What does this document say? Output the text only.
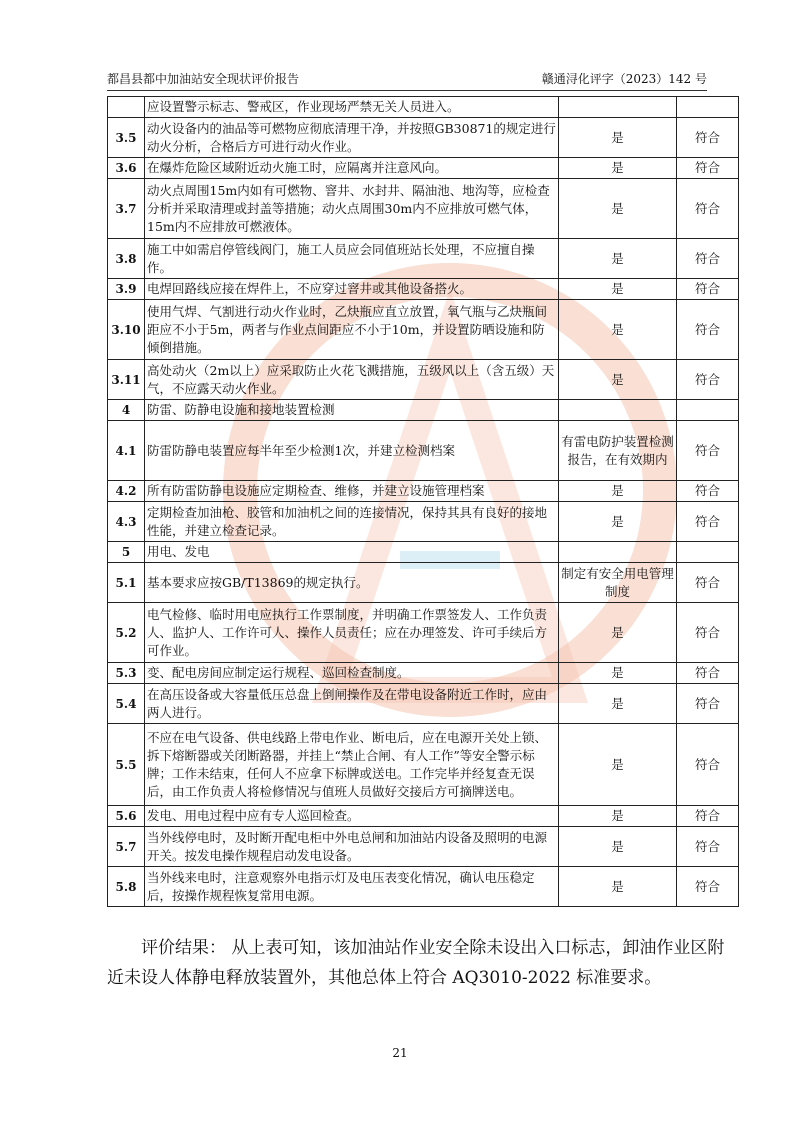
都昌县都中加油站安全现状评价报告	赣通浔化评字（2023）142 号
	应设置警示标志、警戒区，作业现场严禁无关人员进入。		
3.5	动火设备内的油品等可燃物应彻底清理干净，并按照GB30871的规定进行动火分析，合格后方可进行动火作业。	是	符合
3.6	在爆炸危险区域附近动火施工时，应隔离并注意风向。	是	符合
3.7	动火点周围15m内如有可燃物、窨井、水封井、隔油池、地沟等，应检查分析并采取清理或封盖等措施；动火点周围30m内不应排放可燃气体，15m内不应排放可燃液体。	是	符合
3.8	施工中如需启停管线阀门，施工人员应会同值班站长处理，不应擅自操作。	是	符合
3.9	电焊回路线应接在焊件上，不应穿过窨井或其他设备搭火。	是	符合
3.10	使用气焊、气割进行动火作业时，乙炔瓶应直立放置，氧气瓶与乙炔瓶间距应不小于5m，两者与作业点间距应不小于10m，并设置防晒设施和防倾倒措施。	是	符合
3.11	高处动火（2m以上）应采取防止火花飞溅措施，五级风以上（含五级）天气，不应露天动火作业。	是	符合
4	防雷、防静电设施和接地装置检测		
4.1	防雷防静电装置应每半年至少检测1次，并建立检测档案	有雷电防护装置检测报告，在有效期内	符合
4.2	所有防雷防静电设施应定期检查、维修，并建立设施管理档案	是	符合
4.3	定期检查加油枪、胶管和加油机之间的连接情况，保持其具有良好的接地性能，并建立检查记录。	是	符合
5	用电、发电		
5.1	基本要求应按GB/T13869的规定执行。	制定有安全用电管理制度	符合
5.2	电气检修、临时用电应执行工作票制度，并明确工作票签发人、工作负责人、监护人、工作许可人、操作人员责任；应在办理签发、许可手续后方可作业。	是	符合
5.3	变、配电房间应制定运行规程、巡回检查制度。	是	符合
5.4	在高压设备或大容量低压总盘上倒闸操作及在带电设备附近工作时，应由两人进行。	是	符合
5.5	不应在电气设备、供电线路上带电作业、断电后，应在电源开关处上锁、拆下熔断器或关闭断路器，并挂上“禁止合闸、有人工作”等安全警示标牌；工作未结束，任何人不应拿下标牌或送电。工作完毕并经复查无误后，由工作负责人将检修情况与值班人员做好交接后方可摘牌送电。	是	符合
5.6	发电、用电过程中应有专人巡回检查。	是	符合
5.7	当外线停电时，及时断开配电柜中外电总闸和加油站内设备及照明的电源开关。按发电操作规程启动发电设备。	是	符合
5.8	当外线来电时，注意观察外电指示灯及电压表变化情况，确认电压稳定后，按操作规程恢复常用电源。	是	符合
评价结果： 从上表可知，该加油站作业安全除未设出入口标志，卸油作业区附近未设人体静电释放装置外，其他总体上符合 AQ3010-2022 标准要求。
21
